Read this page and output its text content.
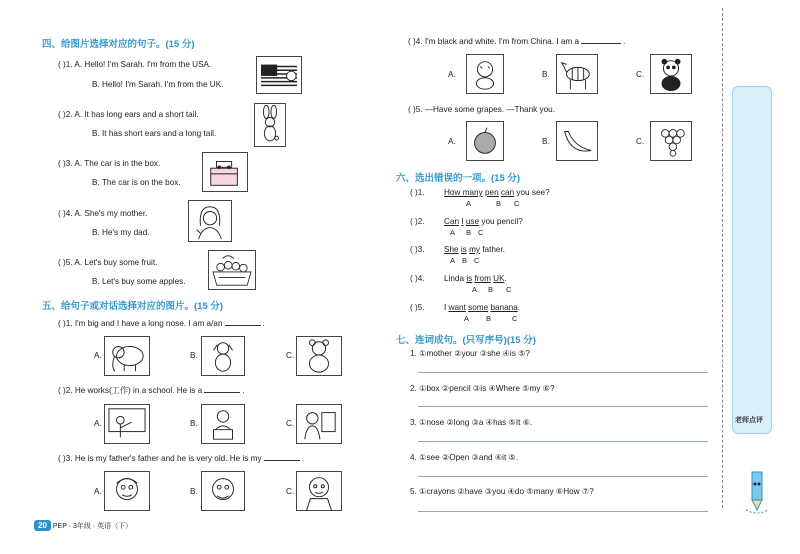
四、给图片选择对应的句子。(15 分)
( )1. A. Hello! I'm Sarah. I'm from the USA.
B. Hello! I'm Sarah. I'm from the UK.
( )2. A. It has long ears and a short tail.
B. It has short ears and a long tail.
( )3. A. The car is in the box.
B. The car is on the box.
( )4. A. She's my mother.
B. He's my dad.
( )5. A. Let's buy some fruit.
B. Let's buy some apples.
五、给句子或对话选择对应的图片。(15 分)
( )1. I'm big and I have a long nose. I am a/an	.
A.	B.	C.
( )2. He works(工作) in a school. He is a	.
A.	B.	C.
( )3. He is my father's father and he is very old. He is my	.
A.	B.	C.
( )4. I'm black and white. I'm from China. I am a	.
A.	B.	C.
( )5. —Have some grapes. —Thank you.
A.	B.	C.
六、选出错误的一项。(15 分)
( )1. How many pen can you see?
A	B C
( )2. Can I use you pencil?
A B C
( )3. She is my father.
A B C
( )4. Linda is from UK.
A B C
( )5. I want some banana.
A B	C
七、连词成句。(只写序号)(15 分)
1. ①mother ②your ③she ④is ⑤?
2. ①box ②pencil ③is ④Where ⑤my ⑥?
3. ①nose ②long ③a ④has ⑤It ⑥.
4. ①see ②Open ③and ④it ⑤.
5. ①crayons ②have ③you ④do ⑤many ⑥How ⑦?
老师点评
20 PEP · 3年级 · 英语（下）
